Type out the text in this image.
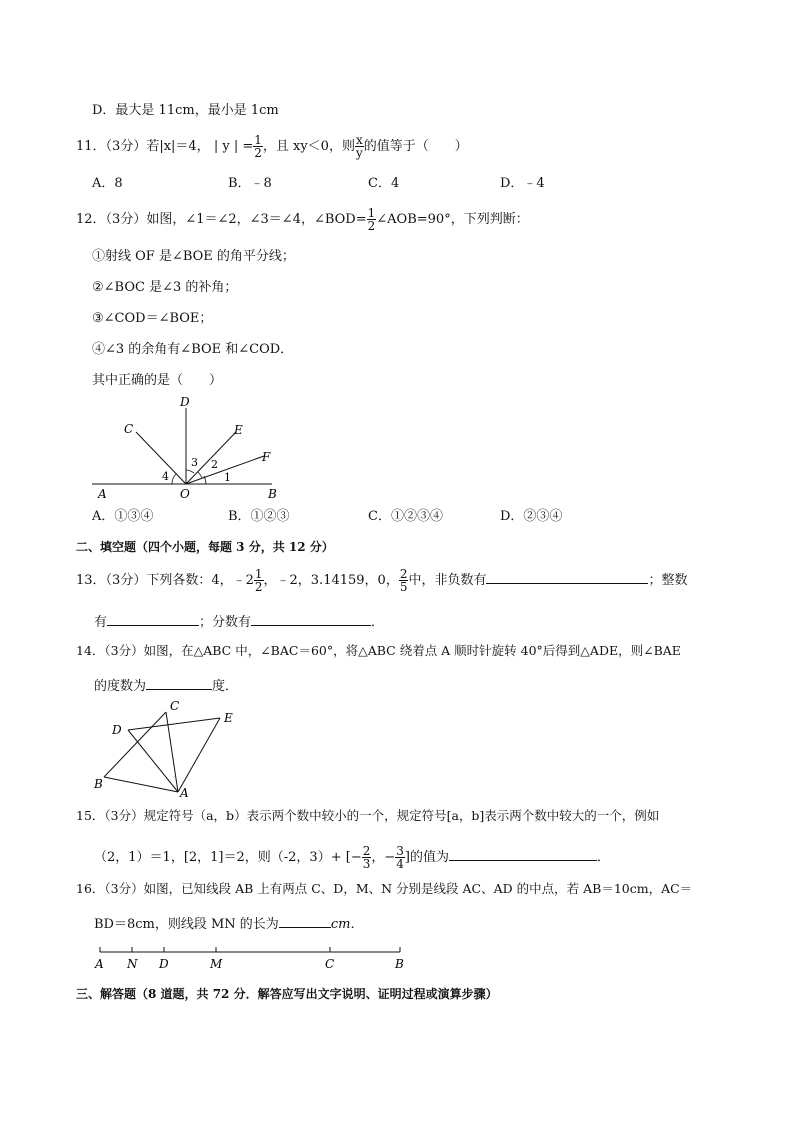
D．最大是 11cm，最小是 1cm
11．（3分）若|x|＝4， | y | = $\frac{1}{2}$ ，且 xy＜0，则 $\frac{x}{y}$ 的值等于（　　）
A．8	B．﹣8	C．4	D．﹣4
12．（3分）如图，∠1＝∠2，∠3＝∠4，∠BOD= $\frac{1}{2}$ ∠AOB=90°，下列判断：
①射线 OF 是∠BOE 的角平分线；
②∠BOC 是∠3 的补角；
③∠COD＝∠BOE；
④∠3 的余角有∠BOE 和∠COD．
其中正确的是（　　）
D
C	E
F
3 2
4	1
A	O	B
A．①③④	B．①②③	C．①②③④	D．②③④
二、填空题（四个小题，每题 3 分，共 12 分）
13．（3分）下列各数：4，﹣2 $\frac{1}{2}$ ，﹣2，3.14159，0， $\frac{2}{5}$ 中，非负数有	；整数
有	；分数有	．
14．（3分）如图，在△ABC 中，∠BAC＝60°，将△ABC 绕着点 A 顺时针旋转 40°后得到△ADE，则∠BAE
的度数为	度．
C
E
D
B
A
15．（3分）规定符号（a，b）表示两个数中较小的一个，规定符号[a，b]表示两个数中较大的一个，例如
（2，1）＝1，[2，1]＝2，则（-2，3）+ [− $\frac{2}{3}$ ，− $\frac{3}{4}$ ]的值为	．
16．（3分）如图，已知线段 AB 上有两点 C、D，M、N 分别是线段 AC、AD 的中点，若 AB＝10cm，AC＝
BD＝8cm，则线段 MN 的长为	cm．
A N D	M	C	B
三、解答题（8 道题，共 72 分．解答应写出文字说明、证明过程或演算步骤）
